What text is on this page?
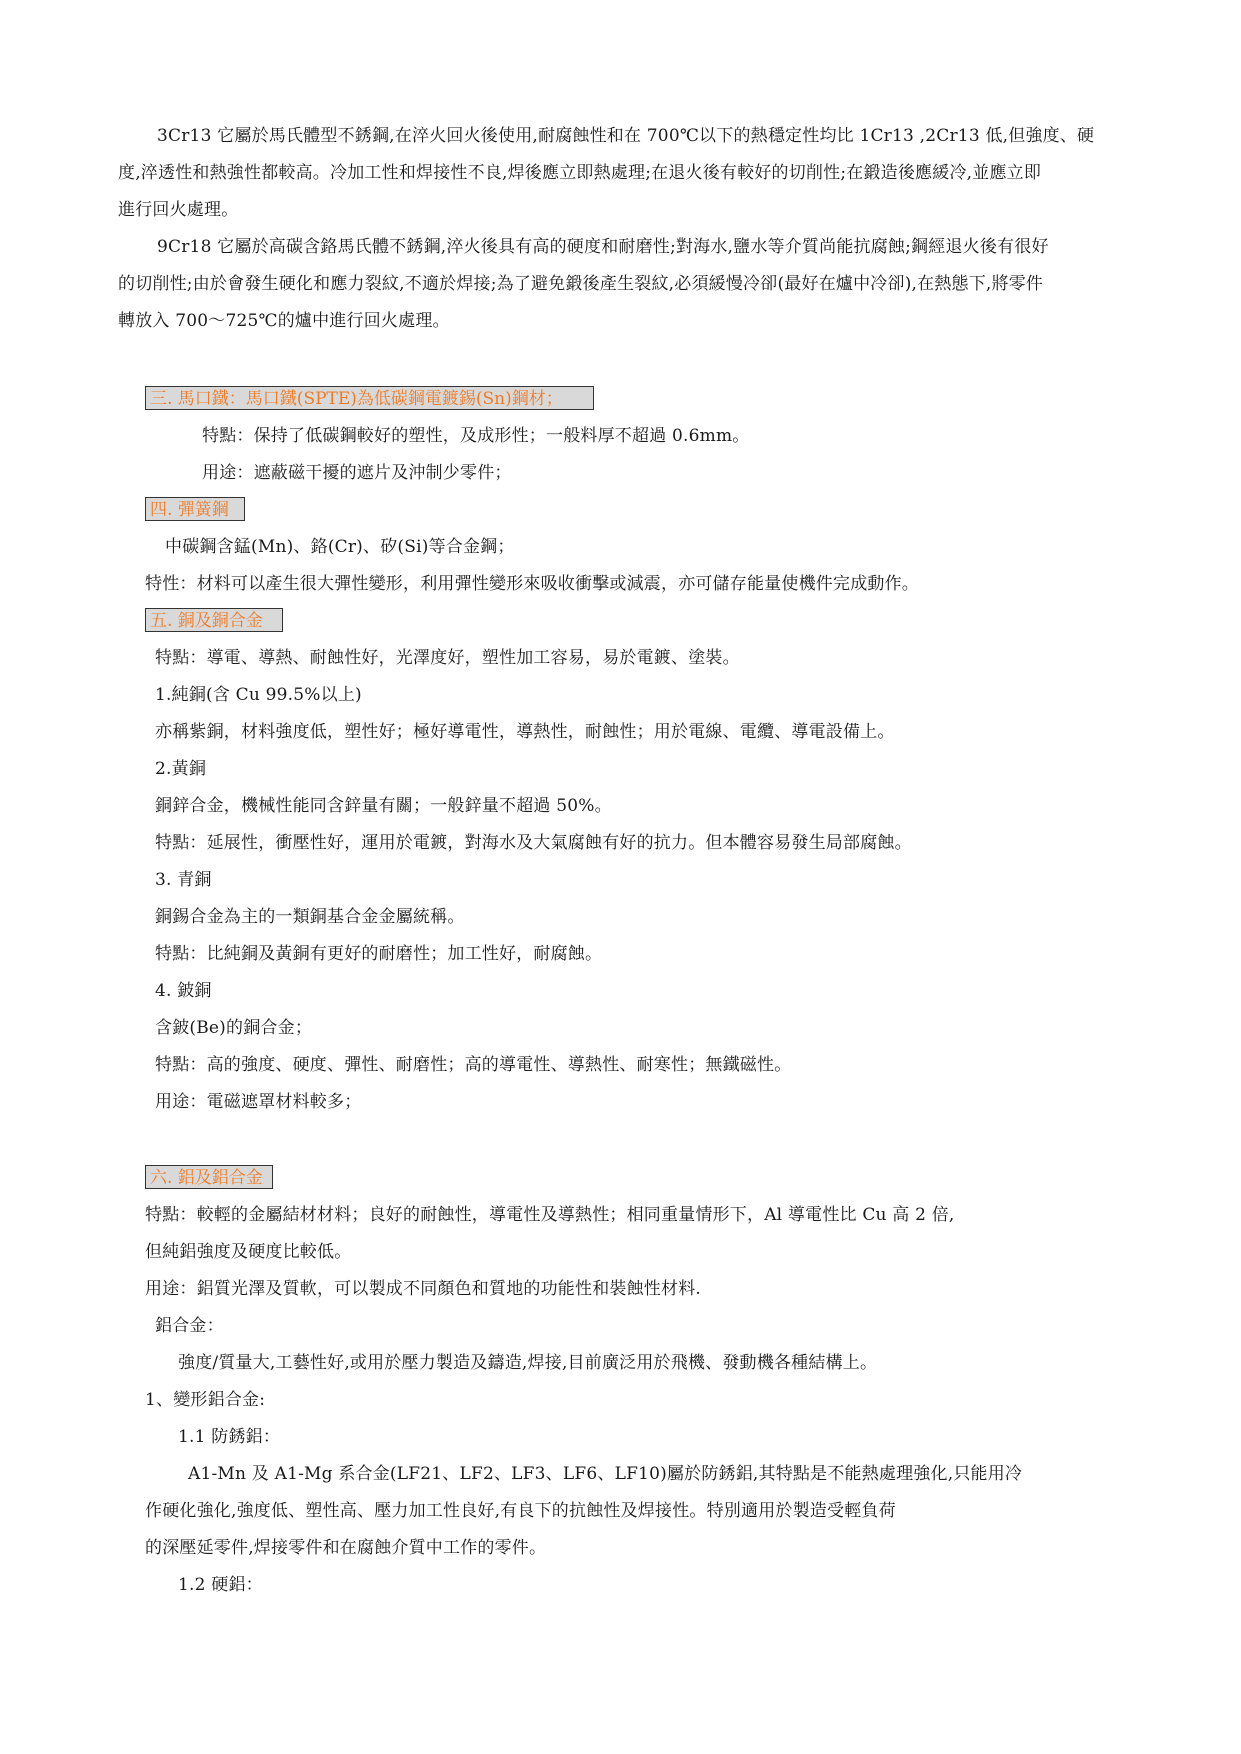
3Cr13 它屬於馬氏體型不銹鋼,在淬火回火後使用,耐腐蝕性和在 700℃以下的熱穩定性均比 1Cr13 ,2Cr13 低,但強度、硬
度,淬透性和熱強性都較高。冷加工性和焊接性不良,焊後應立即熱處理;在退火後有較好的切削性;在鍛造後應緩冷,並應立即
進行回火處理。
9Cr18 它屬於高碳含鉻馬氏體不銹鋼,淬火後具有高的硬度和耐磨性;對海水,鹽水等介質尚能抗腐蝕;鋼經退火後有很好
的切削性;由於會發生硬化和應力裂紋,不適於焊接;為了避免鍛後產生裂紋,必須緩慢冷卻(最好在爐中冷卻),在熱態下,將零件
轉放入 700～725℃的爐中進行回火處理。
三. 馬口鐵：馬口鐵(SPTE)為低碳鋼電鍍錫(Sn)鋼材；
特點：保持了低碳鋼較好的塑性，及成形性；一般料厚不超過 0.6mm。
用途：遮蔽磁干擾的遮片及沖制少零件；
四. 彈簧鋼
中碳鋼含錳(Mn)、鉻(Cr)、矽(Si)等合金鋼；
特性：材料可以產生很大彈性變形，利用彈性變形來吸收衝擊或減震，亦可儲存能量使機件完成動作。
五. 銅及銅合金
特點：導電、導熱、耐蝕性好，光澤度好，塑性加工容易，易於電鍍、塗裝。
1.純銅(含 Cu 99.5%以上)
亦稱紫銅，材料強度低，塑性好；極好導電性，導熱性，耐蝕性；用於電線、電纜、導電設備上。
2.黃銅
銅鋅合金，機械性能同含鋅量有關；一般鋅量不超過 50%。
特點：延展性，衝壓性好，運用於電鍍，對海水及大氣腐蝕有好的抗力。但本體容易發生局部腐蝕。
3. 青銅
銅錫合金為主的一類銅基合金金屬統稱。
特點：比純銅及黃銅有更好的耐磨性；加工性好，耐腐蝕。
4. 鈹銅
含鈹(Be)的銅合金；
特點：高的強度、硬度、彈性、耐磨性；高的導電性、導熱性、耐寒性；無鐵磁性。
用途：電磁遮罩材料較多；
六. 鋁及鋁合金
特點：較輕的金屬結材材料；良好的耐蝕性，導電性及導熱性；相同重量情形下，Al 導電性比 Cu 高 2 倍,
但純鋁強度及硬度比較低。
用途：鋁質光澤及質軟，可以製成不同顏色和質地的功能性和裝蝕性材料.
鋁合金：
強度/質量大,工藝性好,或用於壓力製造及鑄造,焊接,目前廣泛用於飛機、發動機各種結構上。
1、變形鋁合金:
1.1 防銹鋁：
A1-Mn 及 A1-Mg 系合金(LF21、LF2、LF3、LF6、LF10)屬於防銹鋁,其特點是不能熱處理強化,只能用冷
作硬化強化,強度低、塑性高、壓力加工性良好,有良下的抗蝕性及焊接性。特別適用於製造受輕負荷
的深壓延零件,焊接零件和在腐蝕介質中工作的零件。
1.2 硬鋁：
